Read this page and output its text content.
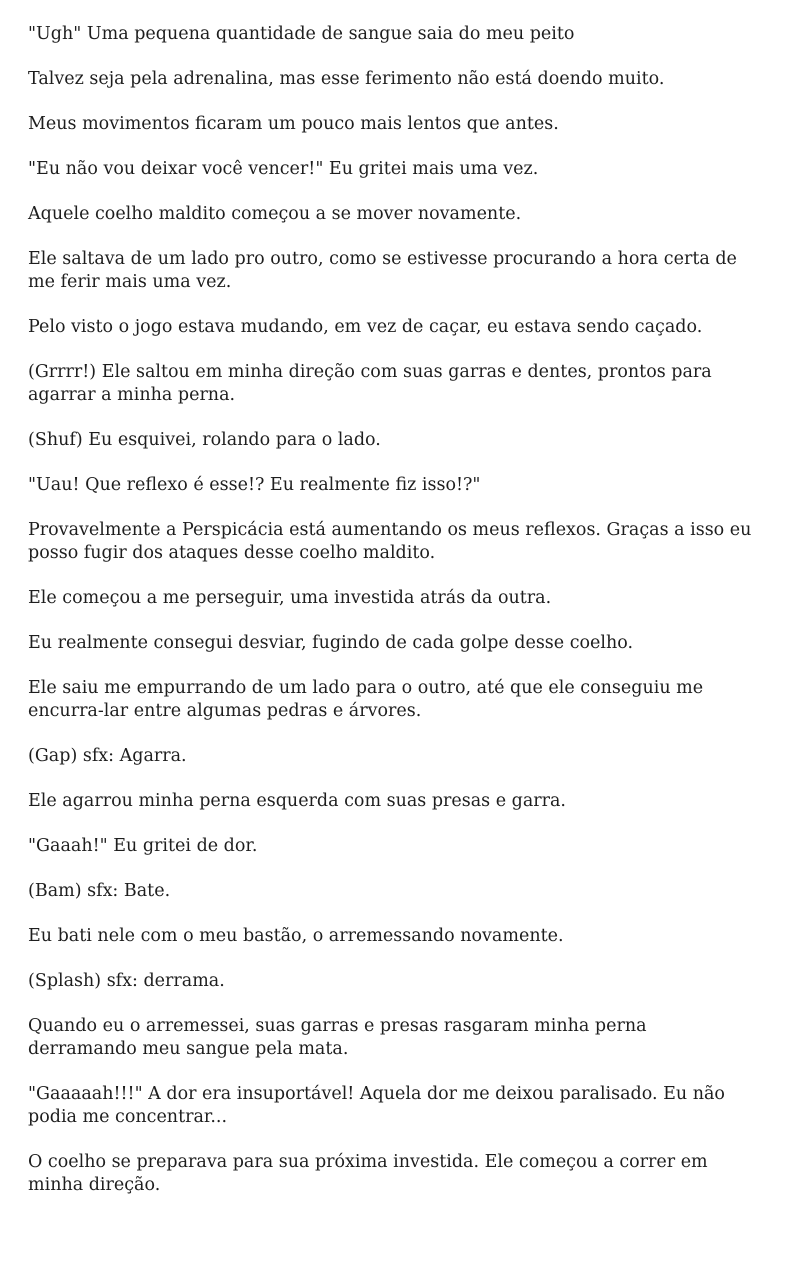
"Ugh" Uma pequena quantidade de sangue saia do meu peito

Talvez seja pela adrenalina, mas esse ferimento não está doendo muito.

Meus movimentos ficaram um pouco mais lentos que antes.

"Eu não vou deixar você vencer!" Eu gritei mais uma vez.

Aquele coelho maldito começou a se mover novamente.

Ele saltava de um lado pro outro, como se estivesse procurando a hora certa de me ferir mais uma vez.

Pelo visto o jogo estava mudando, em vez de caçar, eu estava sendo caçado.

(Grrrr!) Ele saltou em minha direção com suas garras e dentes, prontos para agarrar a minha perna.

(Shuf) Eu esquivei, rolando para o lado.

"Uau! Que reflexo é esse!? Eu realmente fiz isso!?"

Provavelmente a Perspicácia está aumentando os meus reflexos. Graças a isso eu posso fugir dos ataques desse coelho maldito.

Ele começou a me perseguir, uma investida atrás da outra.

Eu realmente consegui desviar, fugindo de cada golpe desse coelho.

Ele saiu me empurrando de um lado para o outro, até que ele conseguiu me encurra-lar entre algumas pedras e árvores.

(Gap) sfx: Agarra.

Ele agarrou minha perna esquerda com suas presas e garra.

"Gaaah!" Eu gritei de dor.

(Bam) sfx: Bate.

Eu bati nele com o meu bastão, o arremessando novamente.

(Splash) sfx: derrama.

Quando eu o arremessei, suas garras e presas rasgaram minha perna derramando meu sangue pela mata.

"Gaaaaah!!!" A dor era insuportável! Aquela dor me deixou paralisado. Eu não podia me concentrar...

O coelho se preparava para sua próxima investida. Ele começou a correr em minha direção.
